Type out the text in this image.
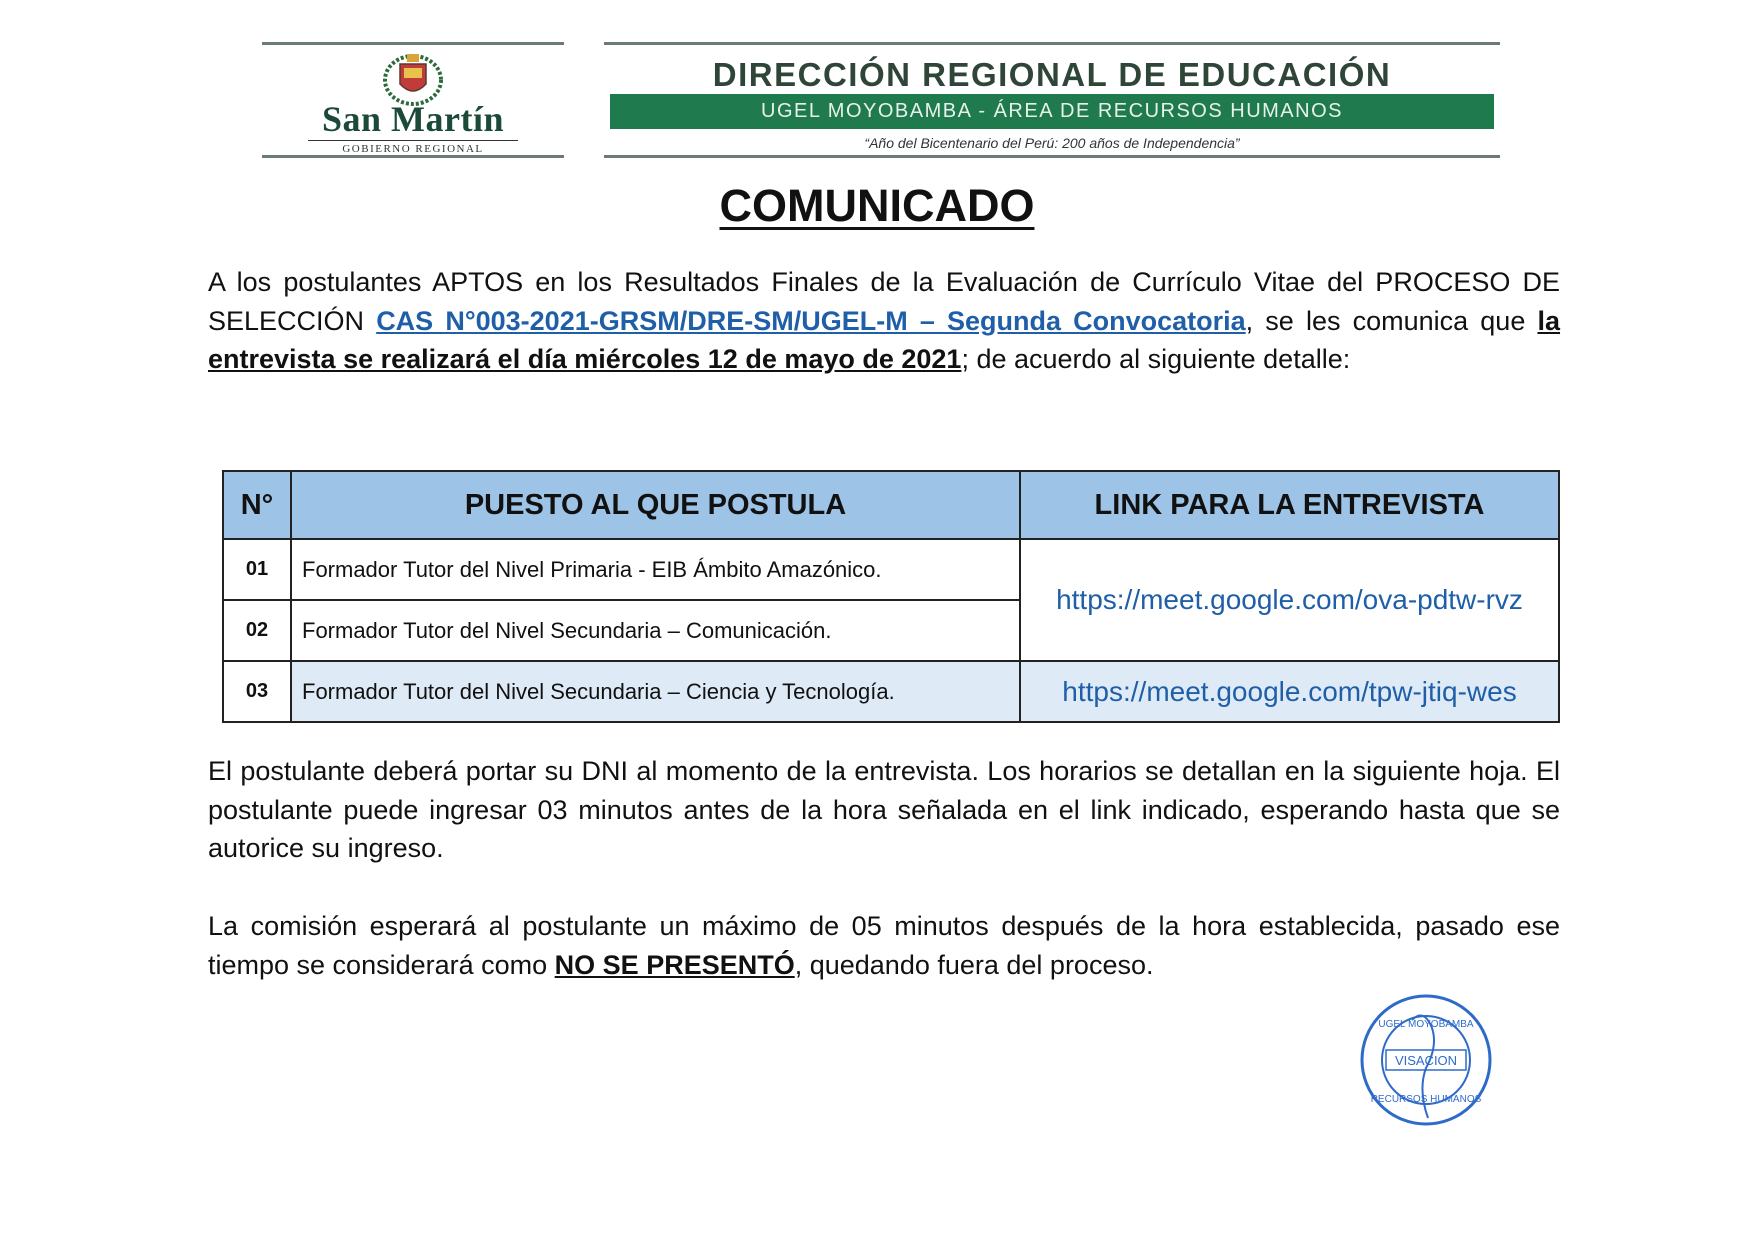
San Martín
GOBIERNO REGIONAL
DIRECCIÓN REGIONAL DE EDUCACIÓN
UGEL MOYOBAMBA - ÁREA DE RECURSOS HUMANOS
“Año del Bicentenario del Perú: 200 años de Independencia”
COMUNICADO
A los postulantes APTOS en los Resultados Finales de la Evaluación de Currículo Vitae del PROCESO DE SELECCIÓN CAS N°003-2021-GRSM/DRE-SM/UGEL-M – Segunda Convocatoria, se les comunica que la entrevista se realizará el día miércoles 12 de mayo de 2021; de acuerdo al siguiente detalle:
N°	PUESTO AL QUE POSTULA	LINK PARA LA ENTREVISTA
01	Formador Tutor del Nivel Primaria - EIB Ámbito Amazónico.	https://meet.google.com/ova-pdtw-rvz
02	Formador Tutor del Nivel Secundaria – Comunicación.	
03	Formador Tutor del Nivel Secundaria – Ciencia y Tecnología.	https://meet.google.com/tpw-jtiq-wes
El postulante deberá portar su DNI al momento de la entrevista. Los horarios se detallan en la siguiente hoja. El postulante puede ingresar 03 minutos antes de la hora señalada en el link indicado, esperando hasta que se autorice su ingreso.
La comisión esperará al postulante un máximo de 05 minutos después de la hora establecida, pasado ese tiempo se considerará como NO SE PRESENTÓ, quedando fuera del proceso.
UGEL MOYOBAMBA
VISACION
RECURSOS HUMANOS
